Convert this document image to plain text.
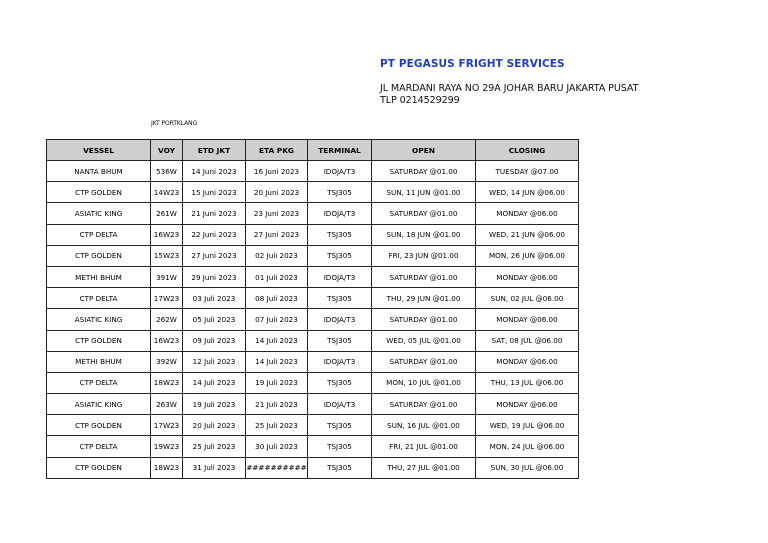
PT PEGASUS FRIGHT SERVICES
JL MARDANI RAYA NO 29A JOHAR BARU JAKARTA PUSAT
TLP 0214529299
JKT PORTKLANG
VESSEL	VOY	ETD JKT	ETA PKG	TERMINAL	OPEN	CLOSING
NANTA BHUM	536W	14 Juni 2023	16 Juni 2023	IDOJA/T3	SATURDAY @01.00	TUESDAY @07.00
CTP GOLDEN	14W23	15 Juni 2023	20 Juni 2023	TSJ305	SUN, 11 JUN @01.00	WED, 14 JUN @06.00
ASIATIC KING	261W	21 Juni 2023	23 Juni 2023	IDOJA/T3	SATURDAY @01.00	MONDAY @06.00
CTP DELTA	16W23	22 Juni 2023	27 Juni 2023	TSJ305	SUN, 18 JUN @01.00	WED, 21 JUN @06.00
CTP GOLDEN	15W23	27 Juni 2023	02 Juli 2023	TSJ305	FRI, 23 JUN @01.00	MON, 26 JUN @06.00
METHI BHUM	391W	29 Juni 2023	01 Juli 2023	IDOJA/T3	SATURDAY @01.00	MONDAY @06.00
CTP DELTA	17W23	03 Juli 2023	08 Juli 2023	TSJ305	THU, 29 JUN @01.00	SUN, 02 JUL @06.00
ASIATIC KING	262W	05 Juli 2023	07 Juli 2023	IDOJA/T3	SATURDAY @01.00	MONDAY @06.00
CTP GOLDEN	16W23	09 Juli 2023	14 Juli 2023	TSJ305	WED, 05 JUL @01.00	SAT, 08 JUL @06.00
METHI BHUM	392W	12 Juli 2023	14 Juli 2023	IDOJA/T3	SATURDAY @01.00	MONDAY @06.00
CTP DELTA	18W23	14 Juli 2023	19 Juli 2023	TSJ305	MON, 10 JUL @01.00	THU, 13 JUL @06.00
ASIATIC KING	263W	19 Juli 2023	21 Juli 2023	IDOJA/T3	SATURDAY @01.00	MONDAY @06.00
CTP GOLDEN	17W23	20 Juli 2023	25 Juli 2023	TSJ305	SUN, 16 JUL @01.00	WED, 19 JUL @06.00
CTP DELTA	19W23	25 Juli 2023	30 Juli 2023	TSJ305	FRI, 21 JUL @01.00	MON, 24 JUL @06.00
CTP GOLDEN	18W23	31 Juli 2023	##########	TSJ305	THU, 27 JUL @01.00	SUN, 30 JUL @06.00
